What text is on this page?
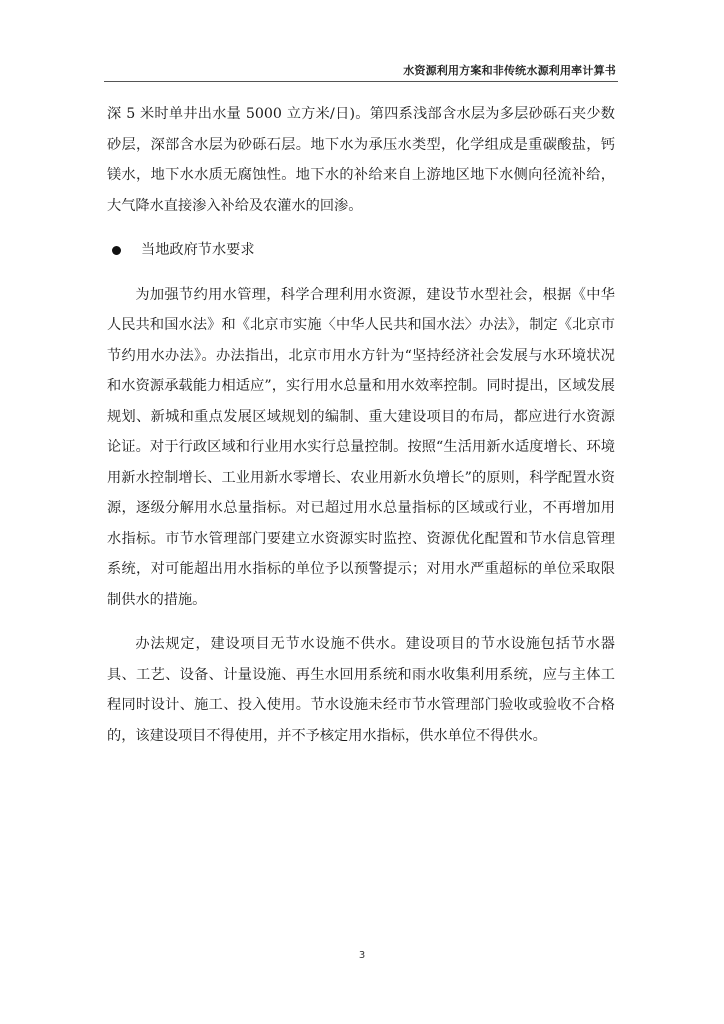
水资源利用方案和非传统水源利用率计算书

深 5 米时单井出水量 5000 立方米/日)。第四系浅部含水层为多层砂砾石夹少数 砂层，深部含水层为砂砾石层。地下水为承压水类型，化学组成是重碳酸盐，钙镁水，地下水水质无腐蚀性。地下水的补给来自上游地区地下水侧向径流补给，大气降水直接渗入补给及农灌水的回渗。

当地政府节水要求

为加强节约用水管理，科学合理利用水资源，建设节水型社会，根据《中华人民共和国水法》和《北京市实施〈中华人民共和国水法〉办法》，制定《北京市节约用水办法》。办法指出，北京市用水方针为“坚持经济社会发展与水环境状况和水资源承载能力相适应”，实行用水总量和用水效率控制。同时提出，区域发展规划、新城和重点发展区域规划的编制、重大建设项目的布局，都应进行水资源论证。对于行政区域和行业用水实行总量控制。按照“生活用新水适度增长、环境用新水控制增长、工业用新水零增长、农业用新水负增长”的原则，科学配置水资源，逐级分解用水总量指标。对已超过用水总量指标的区域或行业，不再增加用水指标。市节水管理部门要建立水资源实时监控、资源优化配置和节水信息管理系统，对可能超出用水指标的单位予以预警提示；对用水严重超标的单位采取限制供水的措施。

办法规定，建设项目无节水设施不供水。建设项目的节水设施包括节水器具、工艺、设备、计量设施、再生水回用系统和雨水收集利用系统，应与主体工程同时设计、施工、投入使用。节水设施未经市节水管理部门验收或验收不合格的，该建设项目不得使用，并不予核定用水指标，供水单位不得供水。

3
